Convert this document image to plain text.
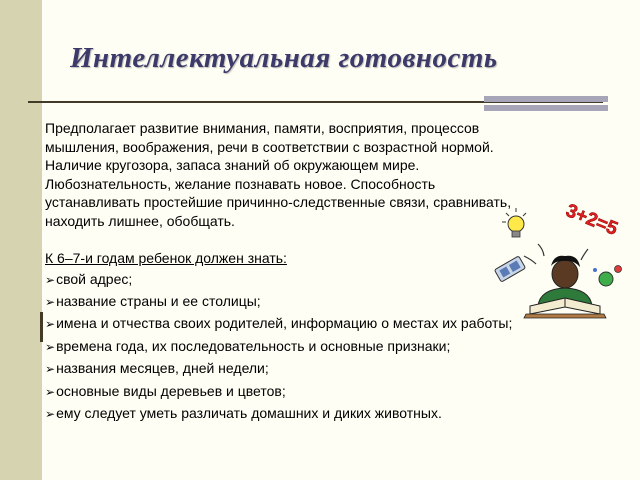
Интеллектуальная готовность

Предполагает развитие внимания, памяти, восприятия, процессов

мышления, воображения, речи в соответствии с возрастной нормой.

Наличие кругозора, запаса знаний об окружающем мире.

Любознательность, желание познавать новое. Способность

устанавливать простейшие причинно-следственные связи, сравнивать,

находить лишнее, обобщать.

К 6–7-и годам ребенок должен знать:
➢свой адрес;
➢название страны и ее столицы;
➢имена и отчества своих родителей, информацию о местах их работы;
➢времена года, их последовательность и основные признаки;
➢названия месяцев, дней недели;
➢основные виды деревьев и цветов;
➢ему следует уметь различать домашних и диких животных.
3+2=5
